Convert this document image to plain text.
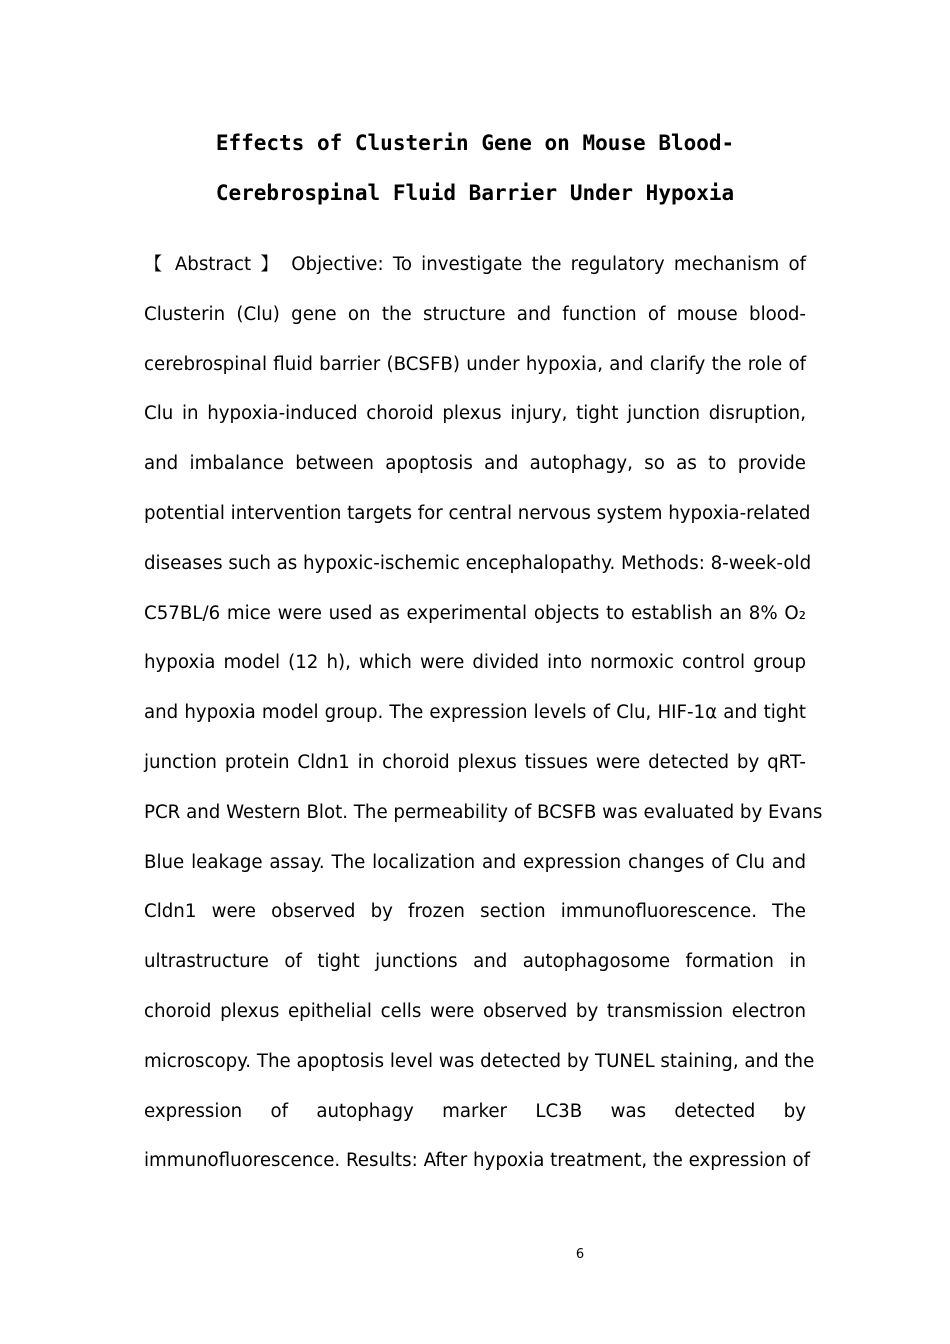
Effects of Clusterin Gene on Mouse Blood-
Cerebrospinal Fluid Barrier Under Hypoxia
【 Abstract 】 Objective: To investigate the regulatory mechanism of
Clusterin (Clu) gene on the structure and function of mouse blood-
cerebrospinal fluid barrier (BCSFB) under hypoxia, and clarify the role of
Clu in hypoxia-induced choroid plexus injury, tight junction disruption,
and imbalance between apoptosis and autophagy, so as to provide
potential intervention targets for central nervous system hypoxia-related
diseases such as hypoxic-ischemic encephalopathy. Methods: 8-week-old
C57BL/6 mice were used as experimental objects to establish an 8% O₂
hypoxia model (12 h), which were divided into normoxic control group
and hypoxia model group. The expression levels of Clu, HIF-1α and tight
junction protein Cldn1 in choroid plexus tissues were detected by qRT-
PCR and Western Blot. The permeability of BCSFB was evaluated by Evans
Blue leakage assay. The localization and expression changes of Clu and
Cldn1 were observed by frozen section immunofluorescence. The
ultrastructure of tight junctions and autophagosome formation in
choroid plexus epithelial cells were observed by transmission electron
microscopy. The apoptosis level was detected by TUNEL staining, and the
expression of autophagy marker LC3B was detected by
immunofluorescence. Results: After hypoxia treatment, the expression of
6
